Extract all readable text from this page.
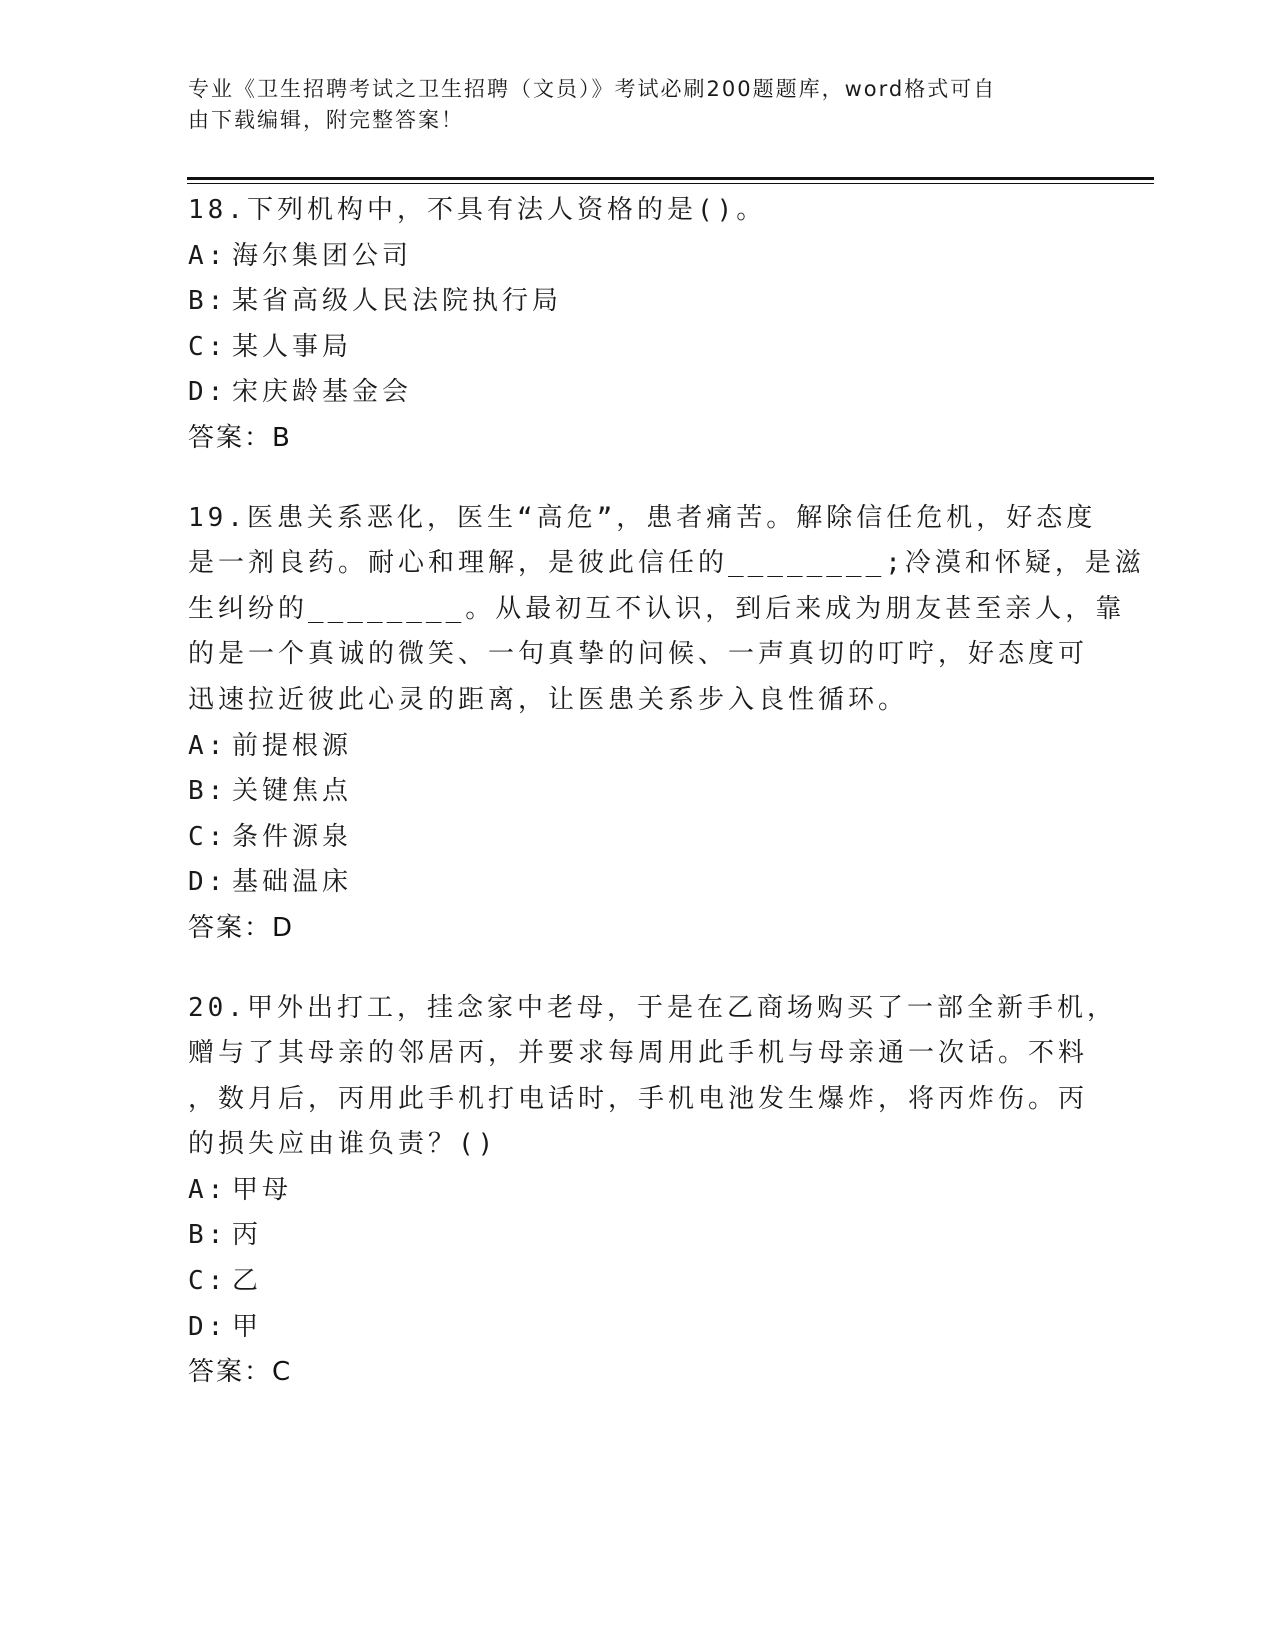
专业《卫生招聘考试之卫生招聘（文员）》考试必刷200题题库，word格式可自
由下载编辑，附完整答案！
18.下列机构中，不具有法人资格的是()。
A: 海尔集团公司
B: 某省高级人民法院执行局
C: 某人事局
D: 宋庆龄基金会
答案：B
19.医患关系恶化，医生“高危”，患者痛苦。解除信任危机，好态度
是一剂良药。耐心和理解，是彼此信任的________;冷漠和怀疑，是滋
生纠纷的________。从最初互不认识，到后来成为朋友甚至亲人，靠
的是一个真诚的微笑、一句真挚的问候、一声真切的叮咛，好态度可
迅速拉近彼此心灵的距离，让医患关系步入良性循环。
A: 前提根源
B: 关键焦点
C: 条件源泉
D: 基础温床
答案：D
20.甲外出打工，挂念家中老母，于是在乙商场购买了一部全新手机，
赠与了其母亲的邻居丙，并要求每周用此手机与母亲通一次话。不料
，数月后，丙用此手机打电话时，手机电池发生爆炸，将丙炸伤。丙
的损失应由谁负责？()
A: 甲母
B: 丙
C: 乙
D: 甲
答案：C
